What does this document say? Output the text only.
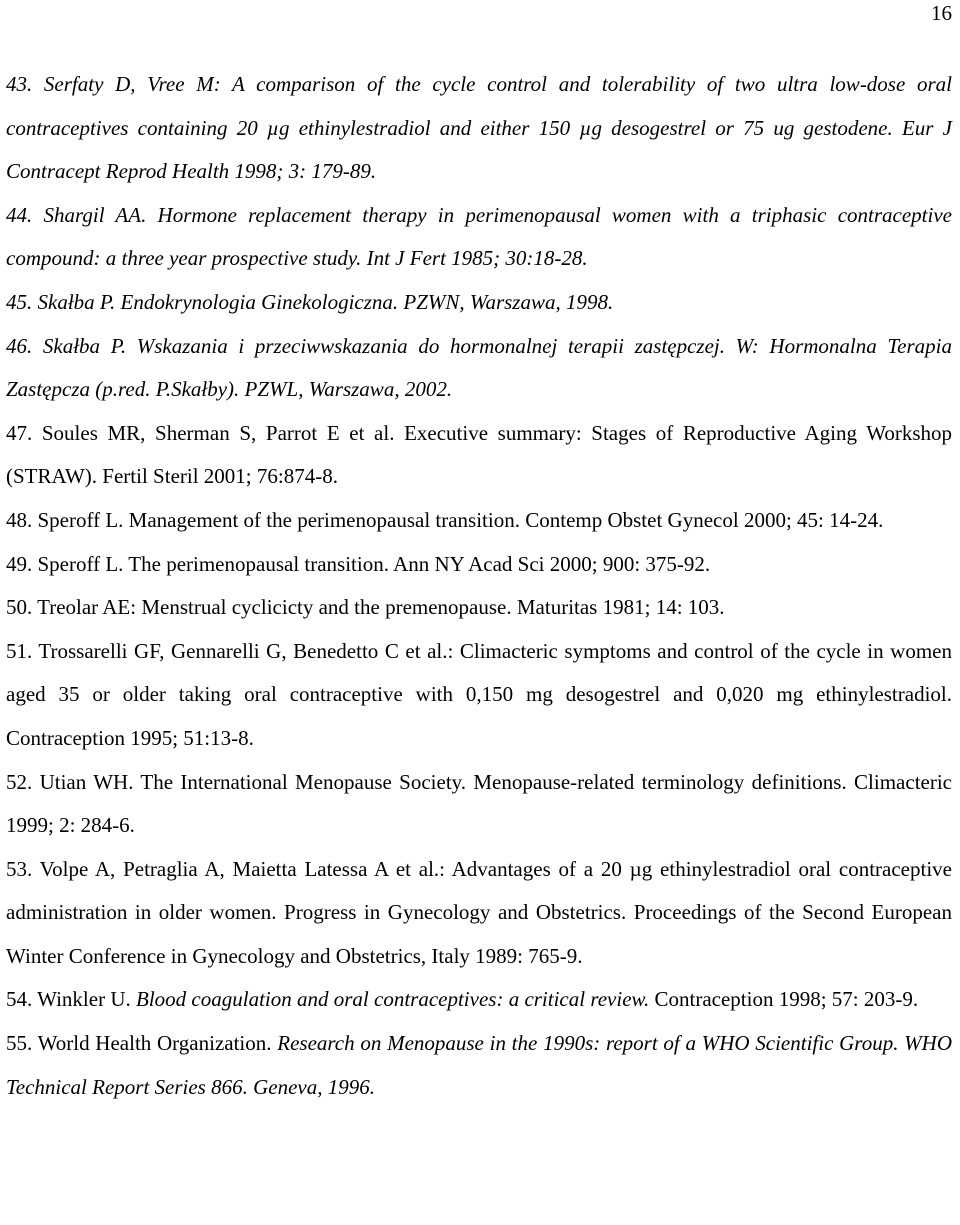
16

43. Serfaty D, Vree M: A comparison of the cycle control and tolerability of two ultra low-dose oral contraceptives containing 20 µg ethinylestradiol and either 150 µg desogestrel or 75 ug gestodene. Eur J Contracept Reprod Health 1998; 3: 179-89.

44. Shargil AA. Hormone replacement therapy in perimenopausal women with a triphasic contraceptive compound: a three year prospective study. Int J Fert 1985; 30:18-28.

45. Skałba P. Endokrynologia Ginekologiczna. PZWN, Warszawa, 1998.

46. Skałba P. Wskazania i przeciwwskazania do hormonalnej terapii zastępczej. W: Hormonalna Terapia Zastępcza (p.red. P.Skałby). PZWL, Warszawa, 2002.

47. Soules MR, Sherman S, Parrot E et al. Executive summary: Stages of Reproductive Aging Workshop (STRAW). Fertil Steril 2001; 76:874-8.

48. Speroff L. Management of the perimenopausal transition. Contemp Obstet Gynecol 2000; 45: 14-24.

49. Speroff L. The perimenopausal transition. Ann NY Acad Sci 2000; 900: 375-92.

50. Treolar AE: Menstrual cyclicicty and the premenopause. Maturitas 1981; 14: 103.

51. Trossarelli GF, Gennarelli G, Benedetto C et al.: Climacteric symptoms and control of the cycle in women aged 35 or older taking oral contraceptive with 0,150 mg desogestrel and 0,020 mg ethinylestradiol. Contraception 1995; 51:13-8.

52. Utian WH. The International Menopause Society. Menopause-related terminology definitions. Climacteric 1999; 2: 284-6.

53. Volpe A, Petraglia A, Maietta Latessa A et al.: Advantages of a 20 µg ethinylestradiol oral contraceptive administration in older women. Progress in Gynecology and Obstetrics. Proceedings of the Second European Winter Conference in Gynecology and Obstetrics, Italy 1989: 765-9.

54. Winkler U. Blood coagulation and oral contraceptives: a critical review. Contraception 1998; 57: 203-9.

55. World Health Organization. Research on Menopause in the 1990s: report of a WHO Scientific Group. WHO Technical Report Series 866. Geneva, 1996.
